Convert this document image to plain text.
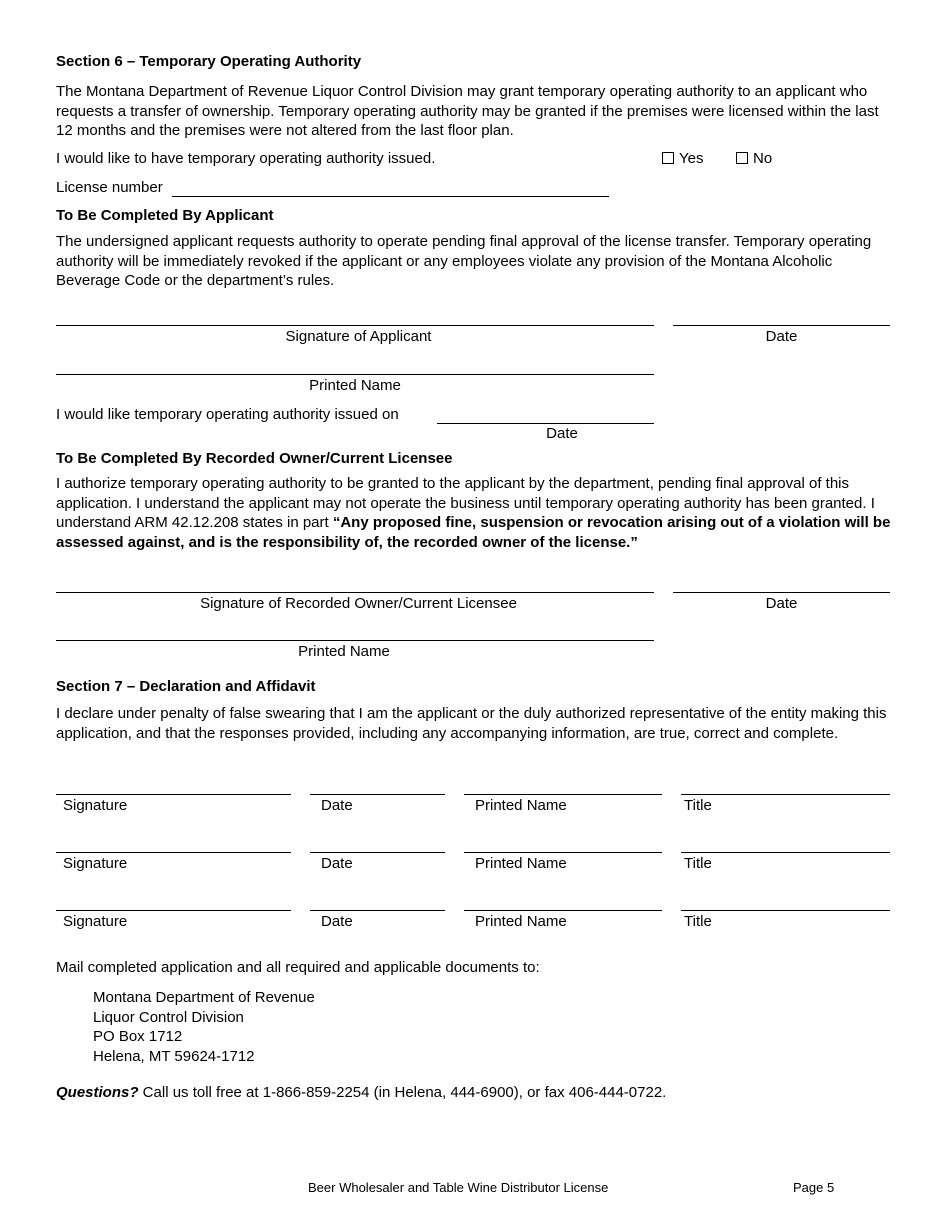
Section 6 – Temporary Operating Authority
The Montana Department of Revenue Liquor Control Division may grant temporary operating authority to an applicant who requests a transfer of ownership. Temporary operating authority may be granted if the premises were licensed within the last 12 months and the premises were not altered from the last floor plan.
I would like to have temporary operating authority issued.	Yes	No
License number
To Be Completed By Applicant
The undersigned applicant requests authority to operate pending final approval of the license transfer. Temporary operating authority will be immediately revoked if the applicant or any employees violate any provision of the Montana Alcoholic Beverage Code or the department’s rules.
Signature of Applicant	Date
Printed Name
I would like temporary operating authority issued on
Date
To Be Completed By Recorded Owner/Current Licensee
I authorize temporary operating authority to be granted to the applicant by the department, pending final approval of this application. I understand the applicant may not operate the business until temporary operating authority has been granted. I understand ARM 42.12.208 states in part “Any proposed fine, suspension or revocation arising out of a violation will be assessed against, and is the responsibility of, the recorded owner of the license.”
Signature of Recorded Owner/Current Licensee	Date
Printed Name
Section 7 – Declaration and Affidavit
I declare under penalty of false swearing that I am the applicant or the duly authorized representative of the entity making this application, and that the responses provided, including any accompanying information, are true, correct and complete.
Signature	Date	Printed Name	Title
Signature	Date	Printed Name	Title
Signature	Date	Printed Name	Title
Mail completed application and all required and applicable documents to:
Montana Department of Revenue
Liquor Control Division
PO Box 1712
Helena, MT 59624-1712
Questions? Call us toll free at 1-866-859-2254 (in Helena, 444-6900), or fax 406-444-0722.
Beer Wholesaler and Table Wine Distributor License	Page 5
